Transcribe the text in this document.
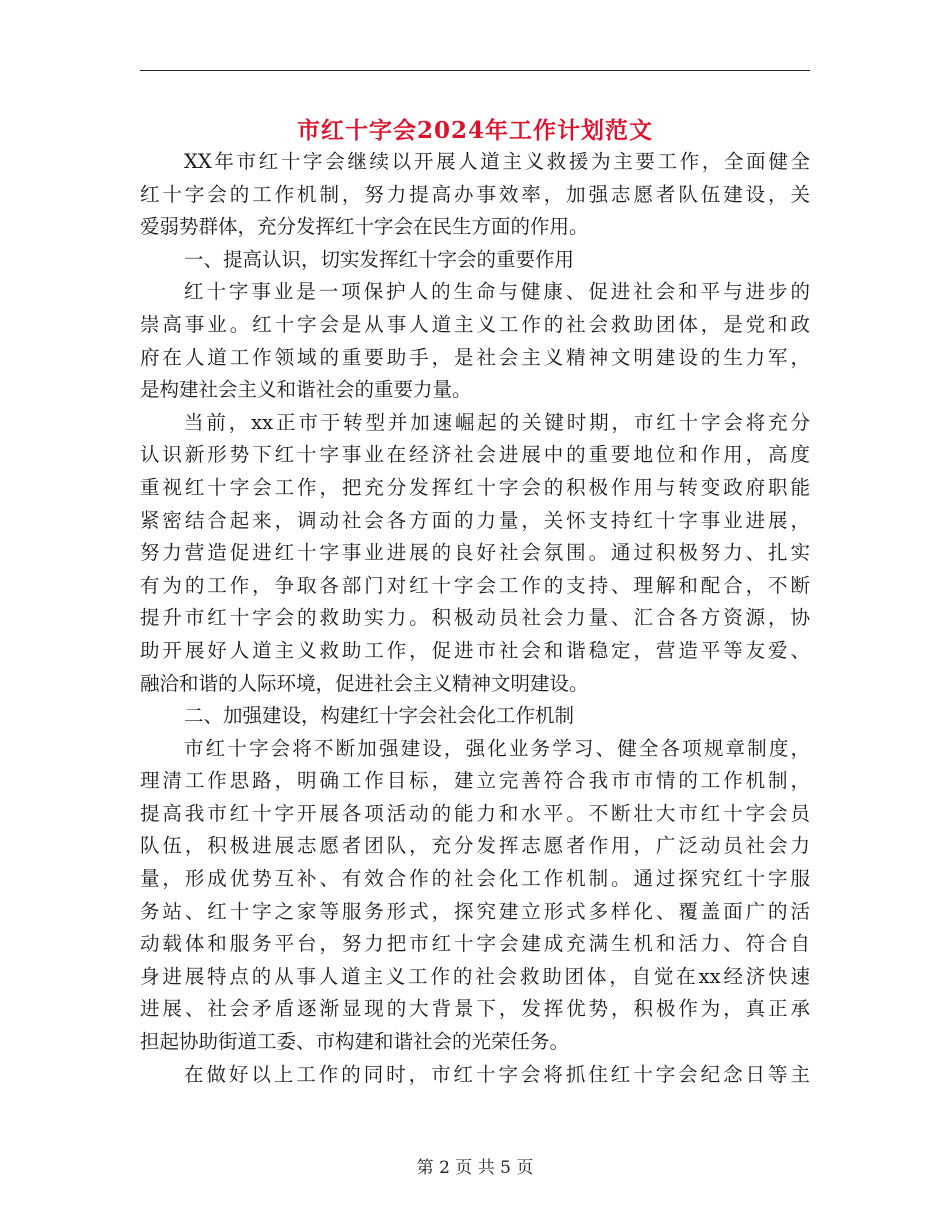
市红十字会2024年工作计划范文
XX年市红十字会继续以开展人道主义救援为主要工作，全面健全
红十字会的工作机制，努力提高办事效率，加强志愿者队伍建设，关
爱弱势群体，充分发挥红十字会在民生方面的作用。
一、提高认识，切实发挥红十字会的重要作用
红十字事业是一项保护人的生命与健康、促进社会和平与进步的
崇高事业。红十字会是从事人道主义工作的社会救助团体，是党和政
府在人道工作领域的重要助手，是社会主义精神文明建设的生力军，
是构建社会主义和谐社会的重要力量。
当前，xx正市于转型并加速崛起的关键时期，市红十字会将充分
认识新形势下红十字事业在经济社会进展中的重要地位和作用，高度
重视红十字会工作，把充分发挥红十字会的积极作用与转变政府职能
紧密结合起来，调动社会各方面的力量，关怀支持红十字事业进展，
努力营造促进红十字事业进展的良好社会氛围。通过积极努力、扎实
有为的工作，争取各部门对红十字会工作的支持、理解和配合，不断
提升市红十字会的救助实力。积极动员社会力量、汇合各方资源，协
助开展好人道主义救助工作，促进市社会和谐稳定，营造平等友爱、
融洽和谐的人际环境，促进社会主义精神文明建设。
二、加强建设，构建红十字会社会化工作机制
市红十字会将不断加强建设，强化业务学习、健全各项规章制度，
理清工作思路，明确工作目标，建立完善符合我市市情的工作机制，
提高我市红十字开展各项活动的能力和水平。不断壮大市红十字会员
队伍，积极进展志愿者团队，充分发挥志愿者作用，广泛动员社会力
量，形成优势互补、有效合作的社会化工作机制。通过探究红十字服
务站、红十字之家等服务形式，探究建立形式多样化、覆盖面广的活
动载体和服务平台，努力把市红十字会建成充满生机和活力、符合自
身进展特点的从事人道主义工作的社会救助团体，自觉在xx经济快速
进展、社会矛盾逐渐显现的大背景下，发挥优势，积极作为，真正承
担起协助街道工委、市构建和谐社会的光荣任务。
在做好以上工作的同时，市红十字会将抓住红十字会纪念日等主
第 2 页 共 5 页
